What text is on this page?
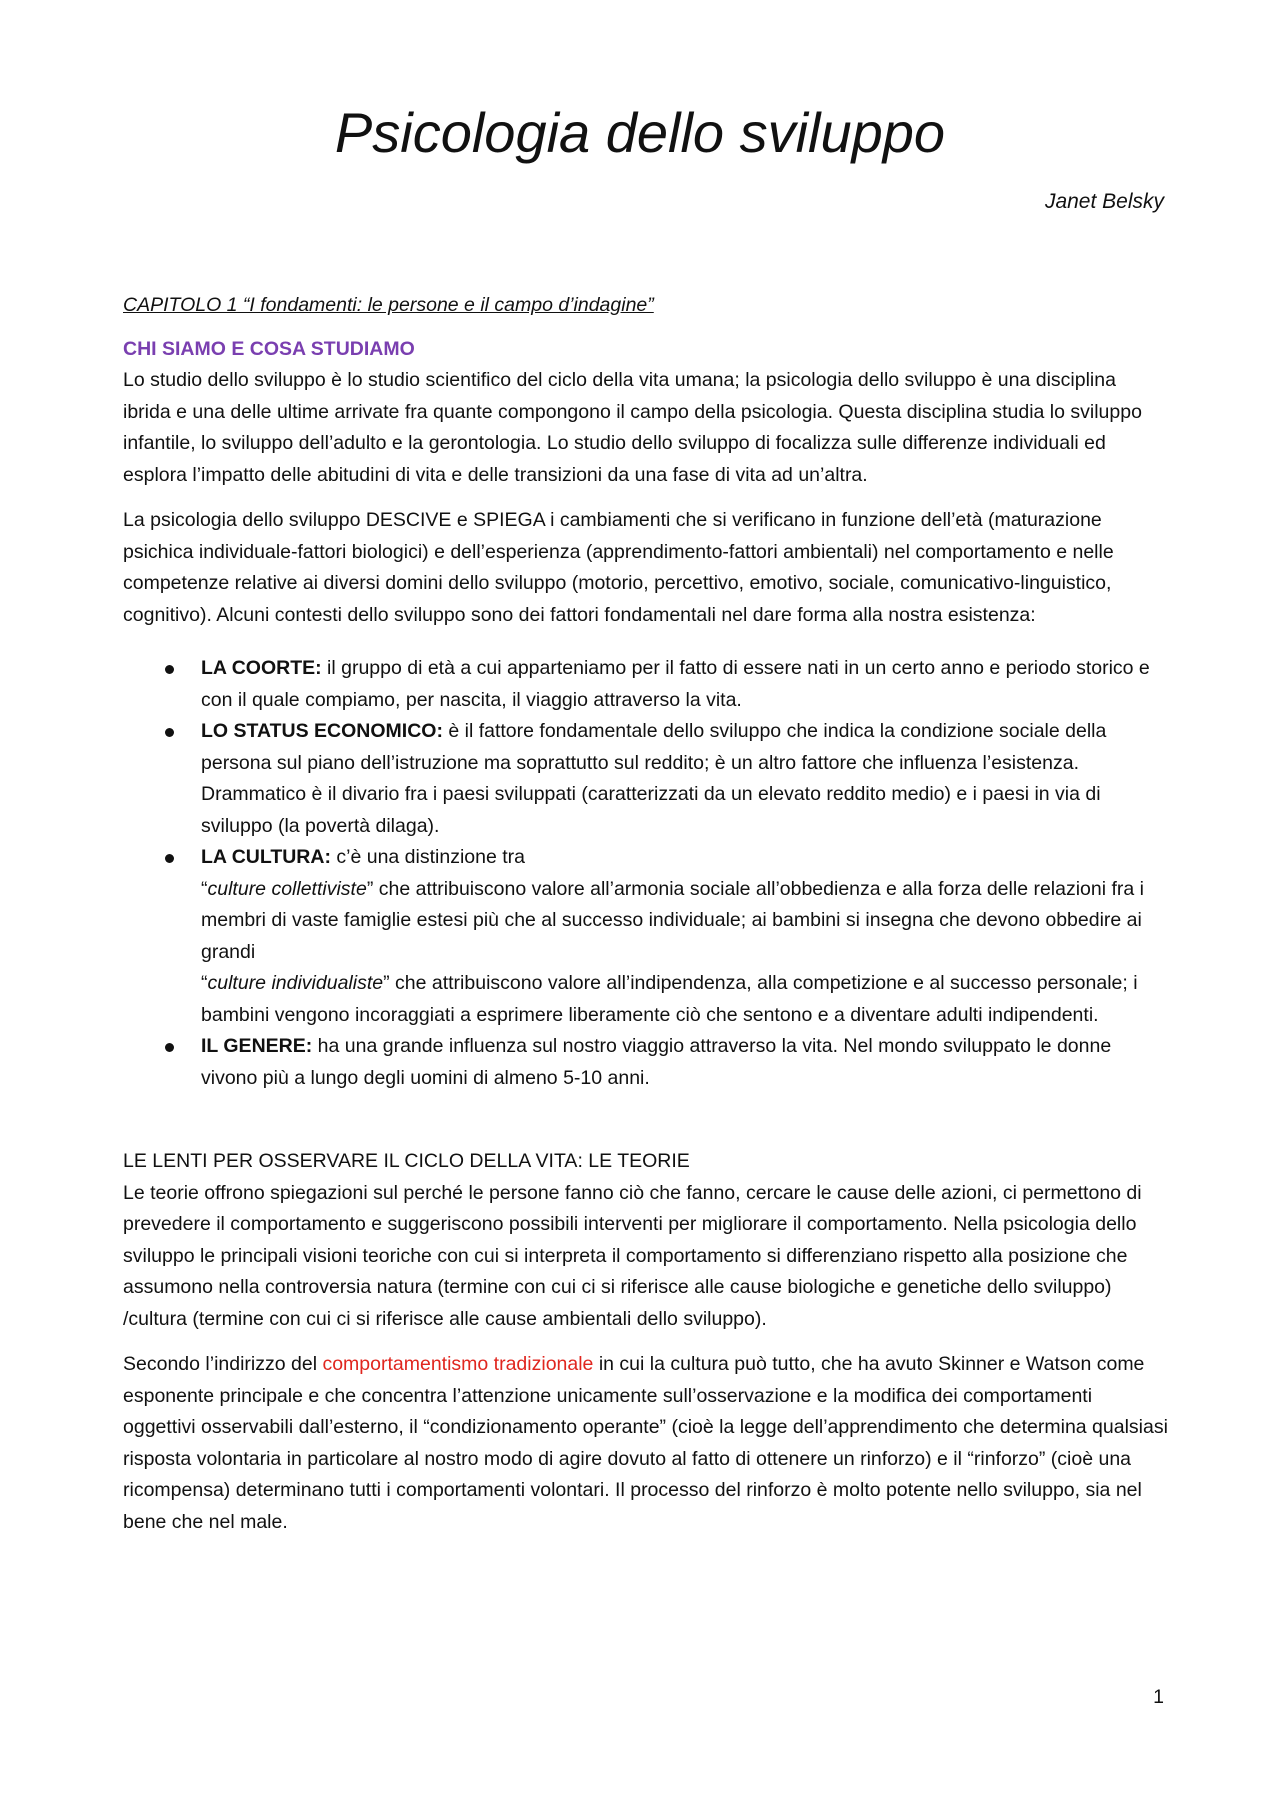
Psicologia dello sviluppo

Janet Belsky

CAPITOLO 1 “I fondamenti: le persone e il campo d’indagine”
CHI SIAMO E COSA STUDIAMO

Lo studio dello sviluppo è lo studio scientifico del ciclo della vita umana; la psicologia dello sviluppo è una disciplina ibrida e una delle ultime arrivate fra quante compongono il campo della psicologia. Questa disciplina studia lo sviluppo infantile, lo sviluppo dell’adulto e la gerontologia. Lo studio dello sviluppo di focalizza sulle differenze individuali ed esplora l’impatto delle abitudini di vita e delle transizioni da una fase di vita ad un’altra.

La psicologia dello sviluppo DESCIVE e SPIEGA i cambiamenti che si verificano in funzione dell’età (maturazione psichica individuale-fattori biologici) e dell’esperienza (apprendimento-fattori ambientali) nel comportamento e nelle competenze relative ai diversi domini dello sviluppo (motorio, percettivo, emotivo, sociale, comunicativo-linguistico, cognitivo). Alcuni contesti dello sviluppo sono dei fattori fondamentali nel dare forma alla nostra esistenza:

LA COORTE: il gruppo di età a cui apparteniamo per il fatto di essere nati in un certo anno e periodo storico e con il quale compiamo, per nascita, il viaggio attraverso la vita.
LO STATUS ECONOMICO: è il fattore fondamentale dello sviluppo che indica la condizione sociale della persona sul piano dell’istruzione ma soprattutto sul reddito; è un altro fattore che influenza l’esistenza. Drammatico è il divario fra i paesi sviluppati (caratterizzati da un elevato reddito medio) e i paesi in via di sviluppo (la povertà dilaga).
LA CULTURA: c’è una distinzione tra
“culture collettiviste” che attribuiscono valore all’armonia sociale all’obbedienza e alla forza delle relazioni fra i membri di vaste famiglie estesi più che al successo individuale; ai bambini si insegna che devono obbedire ai grandi
“culture individualiste” che attribuiscono valore all’indipendenza, alla competizione e al successo personale; i bambini vengono incoraggiati a esprimere liberamente ciò che sentono e a diventare adulti indipendenti.
IL GENERE: ha una grande influenza sul nostro viaggio attraverso la vita. Nel mondo sviluppato le donne vivono più a lungo degli uomini di almeno 5-10 anni.
LE LENTI PER OSSERVARE IL CICLO DELLA VITA: LE TEORIE

Le teorie offrono spiegazioni sul perché le persone fanno ciò che fanno, cercare le cause delle azioni, ci permettono di prevedere il comportamento e suggeriscono possibili interventi per migliorare il comportamento. Nella psicologia dello sviluppo le principali visioni teoriche con cui si interpreta il comportamento si differenziano rispetto alla posizione che assumono nella controversia natura (termine con cui ci si riferisce alle cause biologiche e genetiche dello sviluppo) /cultura (termine con cui ci si riferisce alle cause ambientali dello sviluppo).

Secondo l’indirizzo del comportamentismo tradizionale in cui la cultura può tutto, che ha avuto Skinner e Watson come esponente principale e che concentra l’attenzione unicamente sull’osservazione e la modifica dei comportamenti oggettivi osservabili dall’esterno, il “condizionamento operante” (cioè la legge dell’apprendimento che determina qualsiasi risposta volontaria in particolare al nostro modo di agire dovuto al fatto di ottenere un rinforzo) e il “rinforzo” (cioè una ricompensa) determinano tutti i comportamenti volontari. Il processo del rinforzo è molto potente nello sviluppo, sia nel bene che nel male.

1
